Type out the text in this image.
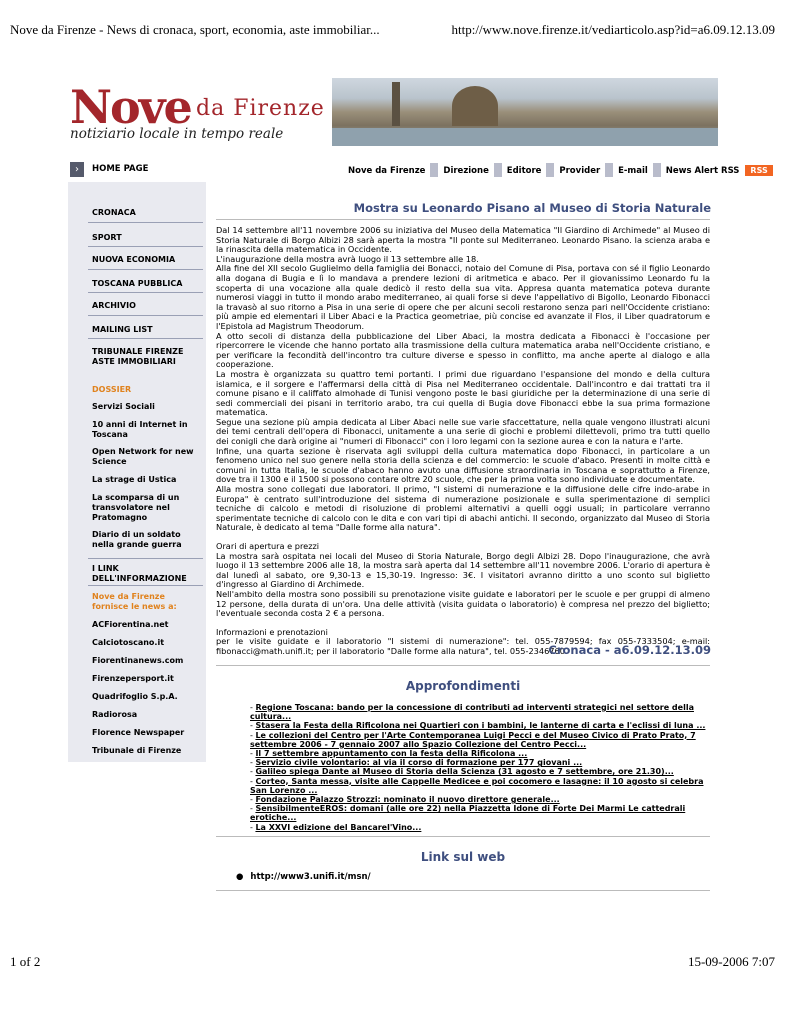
Nove da Firenze - News di cronaca, sport, economia, aste immobiliar...	http://www.nove.firenze.it/vediarticolo.asp?id=a6.09.12.13.09
Nove da Firenze
notiziario locale in tempo reale
›	HOME PAGE	Nove da Firenze Direzione Editore Provider E-mail News Alert RSS RSS
CRONACA
SPORT
NUOVA ECONOMIA
TOSCANA PUBBLICA
ARCHIVIO
MAILING LIST
TRIBUNALE FIRENZE ASTE IMMOBILIARI
DOSSIER
Servizi Sociali
10 anni di Internet in Toscana
Open Network for new Science
La strage di Ustica
La scomparsa di un transvolatore nel Pratomagno
Diario di un soldato nella grande guerra
I LINK DELL'INFORMAZIONE
Nove da Firenze fornisce le news a:
ACFiorentina.net
Calciotoscano.it
Fiorentinanews.com
Firenzepersport.it
Quadrifoglio S.p.A.
Radiorosa
Florence Newspaper
Tribunale di Firenze
Mostra su Leonardo Pisano al Museo di Storia Naturale

Dal 14 settembre all'11 novembre 2006 su iniziativa del Museo della Matematica "Il Giardino di Archimede" al Museo di Storia Naturale di Borgo Albizi 28 sarà aperta la mostra "Il ponte sul Mediterraneo. Leonardo Pisano. la scienza araba e la rinascita della matematica in Occidente.

L'inaugurazione della mostra avrà luogo il 13 settembre alle 18.

Alla fine del XII secolo Guglielmo della famiglia dei Bonacci, notaio del Comune di Pisa, portava con sé il figlio Leonardo alla dogana di Bugia e lì lo mandava a prendere lezioni di aritmetica e abaco. Per il giovanissimo Leonardo fu la scoperta di una vocazione alla quale dedicò il resto della sua vita. Appresa quanta matematica poteva durante numerosi viaggi in tutto il mondo arabo mediterraneo, ai quali forse si deve l'appellativo di Bigollo, Leonardo Fibonacci la travasò al suo ritorno a Pisa in una serie di opere che per alcuni secoli restarono senza pari nell'Occidente cristiano: più ampie ed elementari il Liber Abaci e la Practica geometriae, più concise ed avanzate il Flos, il Liber quadratorum e l'Epistola ad Magistrum Theodorum.

A otto secoli di distanza della pubblicazione del Liber Abaci, la mostra dedicata a Fibonacci è l'occasione per ripercorrere le vicende che hanno portato alla trasmissione della cultura matematica araba nell'Occidente cristiano, e per verificare la fecondità dell'incontro tra culture diverse e spesso in conflitto, ma anche aperte al dialogo e alla cooperazione.

La mostra è organizzata su quattro temi portanti. I primi due riguardano l'espansione del mondo e della cultura islamica, e il sorgere e l'affermarsi della città di Pisa nel Mediterraneo occidentale. Dall'incontro e dai trattati tra il comune pisano e il califfato almohade di Tunisi vengono poste le basi giuridiche per la determinazione di una serie di sedi commerciali dei pisani in territorio arabo, tra cui quella di Bugia dove Fibonacci ebbe la sua prima formazione matematica.

Segue una sezione più ampia dedicata al Liber Abaci nelle sue varie sfaccettature, nella quale vengono illustrati alcuni dei temi centrali dell'opera di Fibonacci, unitamente a una serie di giochi e problemi dilettevoli, primo tra tutti quello dei conigli che darà origine ai "numeri di Fibonacci" con i loro legami con la sezione aurea e con la natura e l'arte.

Infine, una quarta sezione è riservata agli sviluppi della cultura matematica dopo Fibonacci, in particolare a un fenomeno unico nel suo genere nella storia della scienza e del commercio: le scuole d'abaco. Presenti in molte città e comuni in tutta Italia, le scuole d'abaco hanno avuto una diffusione straordinaria in Toscana e soprattutto a Firenze, dove tra il 1300 e il 1500 si possono contare oltre 20 scuole, che per la prima volta sono individuate e documentate.

Alla mostra sono collegati due laboratori. Il primo, "I sistemi di numerazione e la diffusione delle cifre indo-arabe in Europa" è centrato sull'introduzione del sistema di numerazione posizionale e sulla sperimentazione di semplici tecniche di calcolo e metodi di risoluzione di problemi alternativi a quelli oggi usuali; in particolare verranno sperimentate tecniche di calcolo con le dita e con vari tipi di abachi antichi. Il secondo, organizzato dal Museo di Storia Naturale, è dedicato al tema "Dalle forme alla natura".

Orari di apertura e prezzi

La mostra sarà ospitata nei locali del Museo di Storia Naturale, Borgo degli Albizi 28. Dopo l'inaugurazione, che avrà luogo il 13 settembre 2006 alle 18, la mostra sarà aperta dal 14 settembre all'11 novembre 2006. L'orario di apertura è dal lunedì al sabato, ore 9,30-13 e 15,30-19. Ingresso: 3€. I visitatori avranno diritto a uno sconto sul biglietto d'ingresso al Giardino di Archimede.

Nell'ambito della mostra sono possibili su prenotazione visite guidate e laboratori per le scuole e per gruppi di almeno 12 persone, della durata di un'ora. Una delle attività (visita guidata o laboratorio) è compresa nel prezzo del biglietto; l'eventuale seconda costa 2 € a persona.

Informazioni e prenotazioni

per le visite guidate e il laboratorio "I sistemi di numerazione": tel. 055-7879594; fax 055-7333504; e-mail: fibonacci@math.unifi.it; per il laboratorio "Dalle forme alla natura", tel. 055-2346760.

Cronaca - a6.09.12.13.09
Approfondimenti
- Regione Toscana: bando per la concessione di contributi ad interventi strategici nel settore della cultura...
- Stasera la Festa della Rificolona nei Quartieri con i bambini, le lanterne di carta e l'eclissi di luna ...
- Le collezioni del Centro per l'Arte Contemporanea Luigi Pecci e del Museo Civico di Prato Prato, 7 settembre 2006 - 7 gennaio 2007 allo Spazio Collezione del Centro Pecci...
- Il 7 settembre appuntamento con la festa della Rificolona ...
- Servizio civile volontario: al via il corso di formazione per 177 giovani ...
- Galileo spiega Dante al Museo di Storia della Scienza (31 agosto e 7 settembre, ore 21.30)...
- Corteo, Santa messa, visite alle Cappelle Medicee e poi cocomero e lasagne: il 10 agosto si celebra San Lorenzo ...
- Fondazione Palazzo Strozzi: nominato il nuovo direttore generale...
- SensibilmenteEROS: domani (alle ore 22) nella Piazzetta Idone di Forte Dei Marmi Le cattedrali erotiche...
- La XXVI edizione del Bancarel'Vino...
Link sul web
● http://www3.unifi.it/msn/
1 of 2	15-09-2006 7:07
